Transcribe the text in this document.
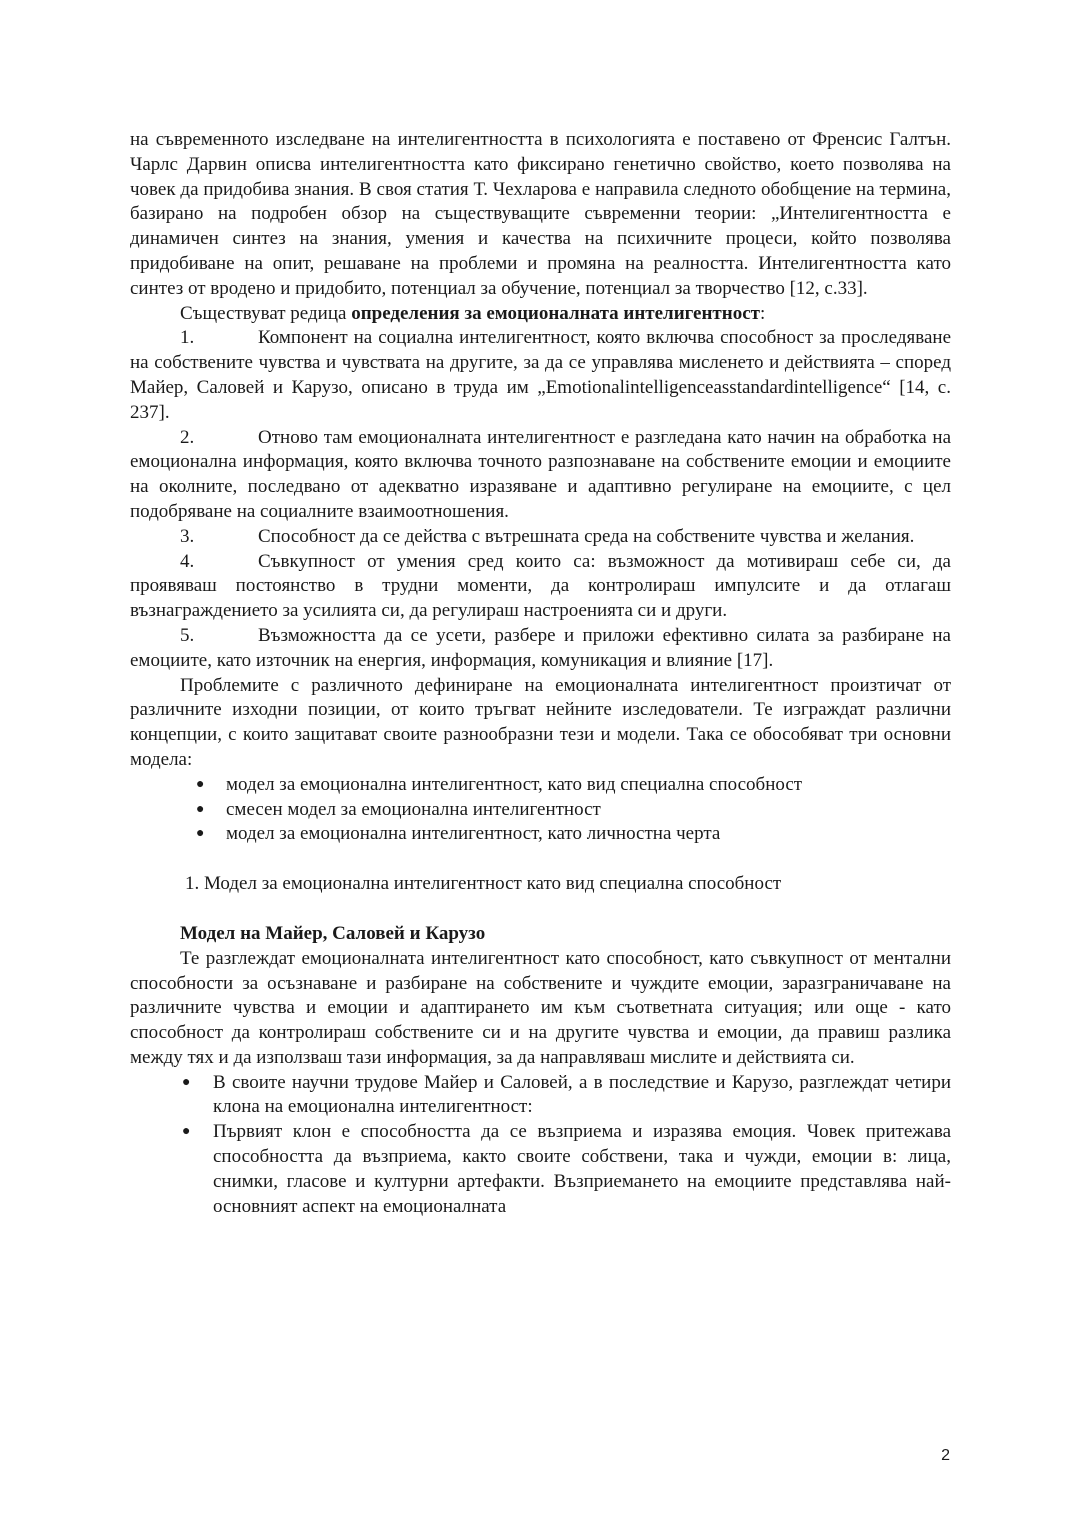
на съвременното изследване на интелигентността в психологията е поставено от Френсис Галтън. Чарлс Дарвин описва интелигентността като фиксирано генетично свойство, което позволява на човек да придобива знания. В своя статия Т. Чехларова е направила следното обобщение на термина, базирано на подробен обзор на съществуващите съвременни теории: „Интелигентността е динамичен синтез на знания, умения и качества на психичните процеси, който позволява придобиване на опит, решаване на проблеми и промяна на реалността. Интелигентността като синтез от вродено и придобито, потенциал за обучение, потенциал за творчество [12, с.33].

Съществуват редица определения за емоционалната интелигентност:

1.	Компонент на социална интелигентност, която включва способност за проследяване на собствените чувства и чувствата на другите, за да се управлява мисленето и действията – според Майер, Саловей и Карузо, описано в труда им „Emotionalintelligenceasstandardintelligence“ [14, с. 237].

2.	Отново там емоционалната интелигентност е разгледана като начин на обработка на емоционална информация, която включва точното разпознаване на собствените емоции и емоциите на околните, последвано от адекватно изразяване и адаптивно регулиране на емоциите, с цел подобряване на социалните взаимоотношения.

3.	Способност да се действа с вътрешната среда на собствените чувства и желания.

4.	Съвкупност от умения сред които са: възможност да мотивираш себе си, да проявяваш постоянство в трудни моменти, да контролираш импулсите и да отлагаш възнаграждението за усилията си, да регулираш настроенията си и други.

5.	Възможността да се усети, разбере и приложи ефективно силата за разбиране на емоциите, като източник на енергия, информация, комуникация и влияние [17].

Проблемите с различното дефиниране на емоционалната интелигентност произтичат от различните изходни позиции, от които тръгват нейните изследователи. Те изграждат различни концепции, с които защитават своите разнообразни тези и модели. Така се обособяват три основни модела:

● модел за емоционална интелигентност, като вид специална способност
● смесен модел за емоционална интелигентност
● модел за емоционална интелигентност, като личностна черта

1. Модел за емоционална интелигентност като вид специална способност

Модел на Майер, Саловей и Карузо

Те разглеждат емоционалната интелигентност като способност, като съвкупност от ментални способности за осъзнаване и разбиране на собствените и чуждите емоции, заразграничаване на различните чувства и емоции и адаптирането им към съответната ситуация; или още - като способност да контролираш собствените си и на другите чувства и емоции, да правиш разлика между тях и да използваш тази информация, за да направляваш мислите и действията си.

● В своите научни трудове Майер и Саловей, а в последствие и Карузо, разглеждат четири клона на емоционална интелигентност:
● Първият клон е способността да се възприема и изразява емоция. Човек притежава способността да възприема, както своите собствени, така и чужди, емоции в: лица, снимки, гласове и културни артефакти. Възприемането на емоциите представлява най-основният аспект на емоционалната
2
